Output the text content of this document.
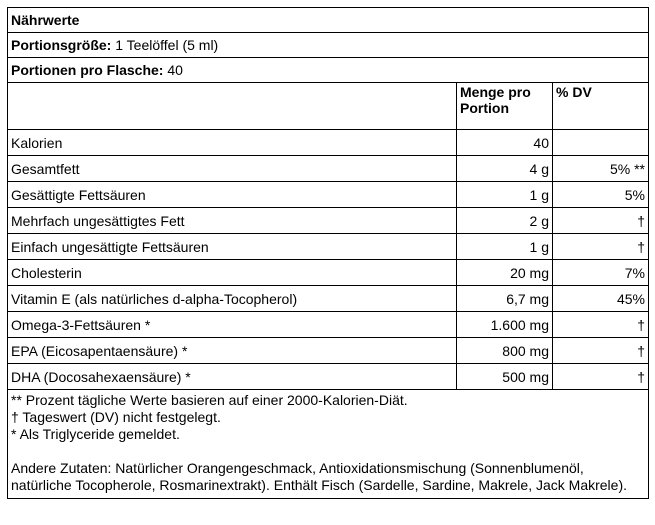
Nährwerte		
Portionsgröße: 1 Teelöffel (5 ml)		
Portionen pro Flasche: 40		
	Menge pro Portion	% DV
Kalorien	40	
Gesamtfett	4 g	5% **
Gesättigte Fettsäuren	1 g	5%
Mehrfach ungesättigtes Fett	2 g	†
Einfach ungesättigte Fettsäuren	1 g	†
Cholesterin	20 mg	7%
Vitamin E (als natürliches d-alpha-Tocopherol)	6,7 mg	45%
Omega-3-Fettsäuren *	1.600 mg	†
EPA (Eicosapentaensäure) *	800 mg	†
DHA (Docosahexaensäure) *	500 mg	†

** Prozent tägliche Werte basieren auf einer 2000-Kalorien-Diät.
† Tageswert (DV) nicht festgelegt.
* Als Triglyceride gemeldet.
Andere Zutaten: Natürlicher Orangengeschmack, Antioxidationsmischung (Sonnenblumenöl, natürliche Tocopherole, Rosmarinextrakt). Enthält Fisch (Sardelle, Sardine, Makrele, Jack Makrele).		
